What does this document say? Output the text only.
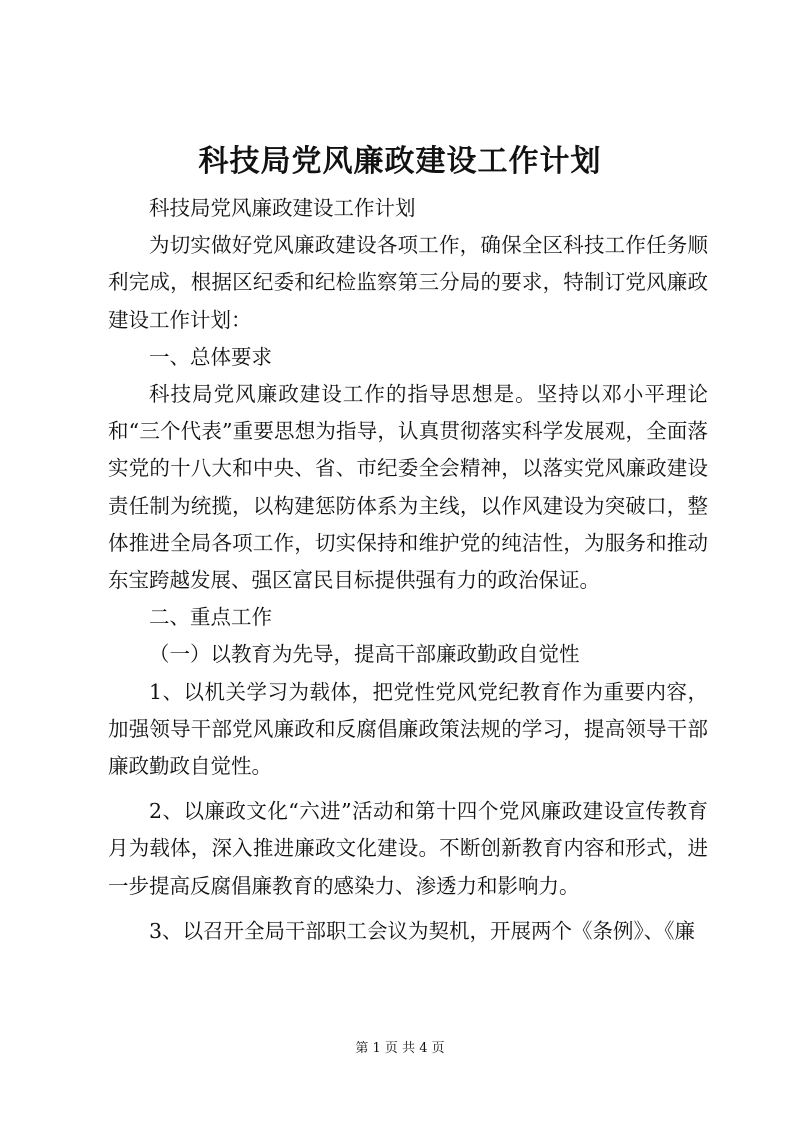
科技局党风廉政建设工作计划

科技局党风廉政建设工作计划

为切实做好党风廉政建设各项工作，确保全区科技工作任务顺利完成，根据区纪委和纪检监察第三分局的要求，特制订党风廉政建设工作计划：

一、总体要求

科技局党风廉政建设工作的指导思想是。坚持以邓小平理论和“三个代表”重要思想为指导，认真贯彻落实科学发展观，全面落实党的十八大和中央、省、市纪委全会精神，以落实党风廉政建设责任制为统揽，以构建惩防体系为主线，以作风建设为突破口，整体推进全局各项工作，切实保持和维护党的纯洁性，为服务和推动东宝跨越发展、强区富民目标提供强有力的政治保证。

二、重点工作

（一）以教育为先导，提高干部廉政勤政自觉性

1、以机关学习为载体，把党性党风党纪教育作为重要内容，加强领导干部党风廉政和反腐倡廉政策法规的学习，提高领导干部廉政勤政自觉性。

2、以廉政文化“六进”活动和第十四个党风廉政建设宣传教育月为载体，深入推进廉政文化建设。不断创新教育内容和形式，进一步提高反腐倡廉教育的感染力、渗透力和影响力。

3、以召开全局干部职工会议为契机，开展两个《条例》、《廉

第 1 页 共 4 页
